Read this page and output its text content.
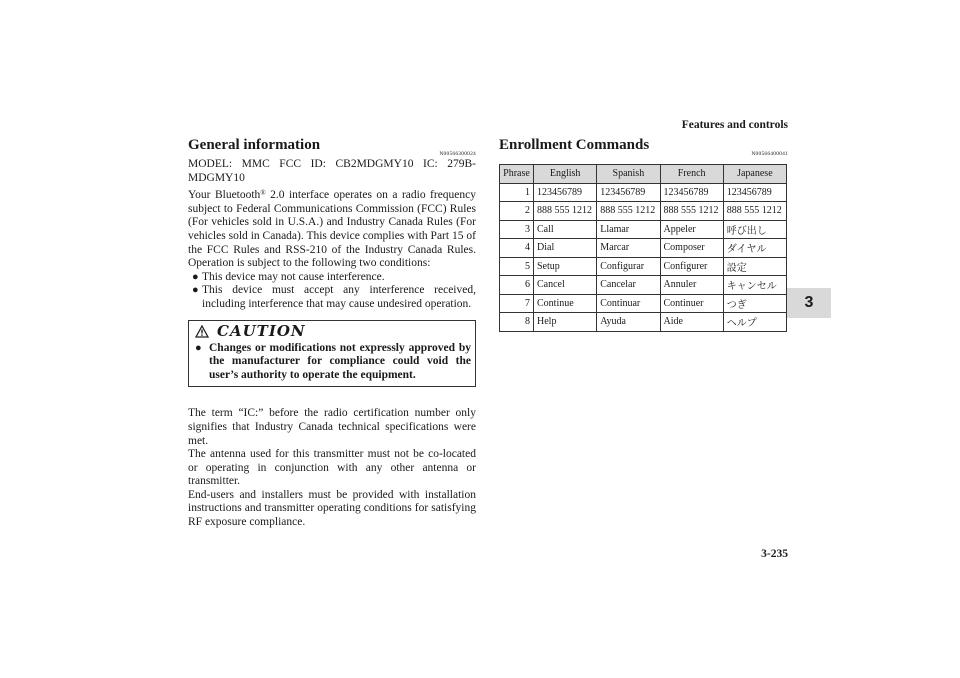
Features and controls
3
3-235
General information
N00566300024

MODEL: MMC FCC ID: CB2MDGMY10 IC: 279B-MDGMY10

Your Bluetooth® 2.0 interface operates on a radio frequency subject to Federal Communications Commission (FCC) Rules (For vehicles sold in U.S.A.) and Industry Canada Rules (For vehicles sold in Canada). This device complies with Part 15 of the FCC Rules and RSS-210 of the Industry Canada Rules. Operation is subject to the following two conditions:

● This device may not cause interference.
● This device must accept any interference received, including interference that may cause undesired operation.
CAUTION
● Changes or modifications not expressly approved by the manufacturer for compliance could void the user’s authority to operate the equipment.

The term “IC:” before the radio certification number only signifies that Industry Canada technical specifications were met.

The antenna used for this transmitter must not be co-located or operating in conjunction with any other antenna or transmitter.

End-users and installers must be provided with installation instructions and transmitter operating conditions for satisfying RF exposure compliance.

Enrollment Commands
N00566400041
Phrase	English	Spanish	French	Japanese
1	123456789	123456789	123456789	123456789
2	888 555 1212	888 555 1212	888 555 1212	888 555 1212
3	Call	Llamar	Appeler	呼び出し
4	Dial	Marcar	Composer	ダイヤル
5	Setup	Configurar	Configurer	設定
6	Cancel	Cancelar	Annuler	キャンセル
7	Continue	Continuar	Continuer	つぎ
8	Help	Ayuda	Aide	ヘルプ
